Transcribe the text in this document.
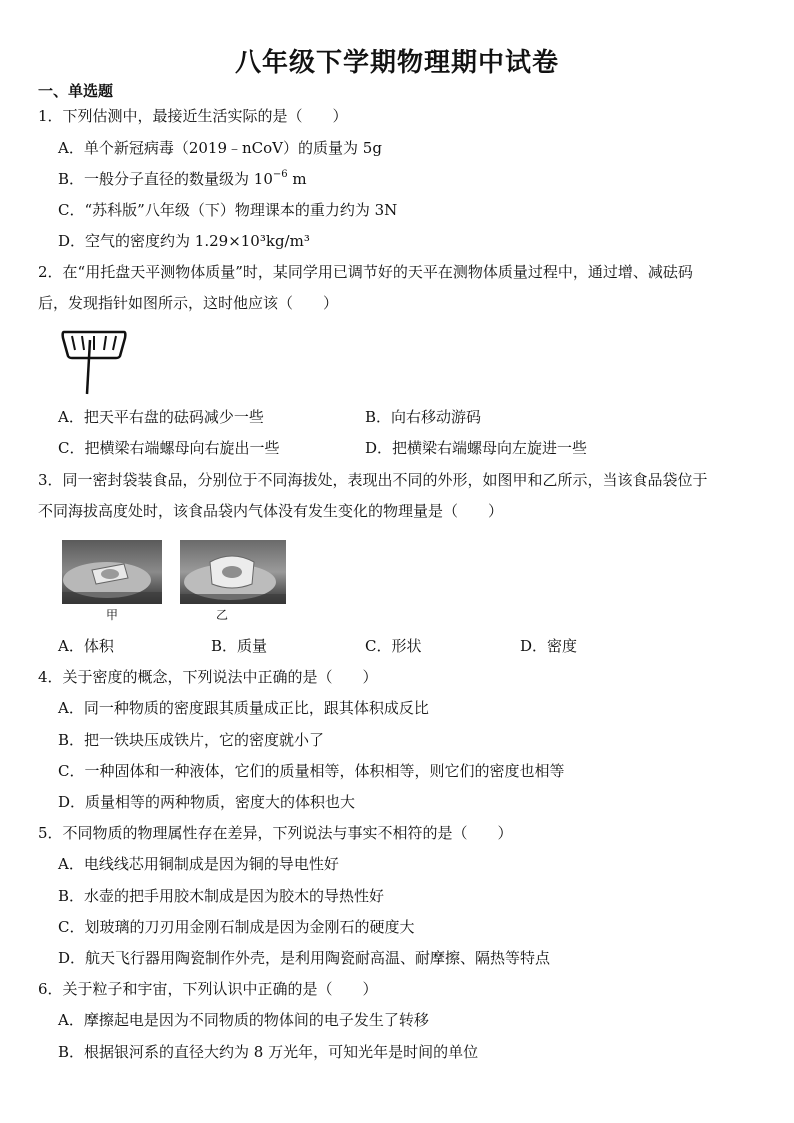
八年级下学期物理期中试卷
一、单选题
1．下列估测中，最接近生活实际的是（　　）
A．单个新冠病毒（2019﹣nCoV）的质量为 5g
B．一般分子直径的数量级为 $10^{-6}$ m
C．“苏科版”八年级（下）物理课本的重力约为 3N
D．空气的密度约为 1.29×10³kg/m³
2．在“用托盘天平测物体质量”时，某同学用已调节好的天平在测物体质量过程中，通过增、减砝码
后，发现指针如图所示，这时他应该（　　）
A．把天平右盘的砝码减少一些	B．向右移动游码
C．把横梁右端螺母向右旋出一些	D．把横梁右端螺母向左旋进一些
3．同一密封袋装食品，分别位于不同海拔处，表现出不同的外形，如图甲和乙所示，当该食品袋位于
不同海拔高度处时，该食品袋内气体没有发生变化的物理量是（　　）
甲	乙
A．体积	B．质量	C．形状	D．密度
4．关于密度的概念，下列说法中正确的是（　　）
A．同一种物质的密度跟其质量成正比，跟其体积成反比
B．把一铁块压成铁片，它的密度就小了
C．一种固体和一种液体，它们的质量相等，体积相等，则它们的密度也相等
D．质量相等的两种物质，密度大的体积也大
5．不同物质的物理属性存在差异，下列说法与事实不相符的是（　　）
A．电线线芯用铜制成是因为铜的导电性好
B．水壶的把手用胶木制成是因为胶木的导热性好
C．划玻璃的刀刃用金刚石制成是因为金刚石的硬度大
D．航天飞行器用陶瓷制作外壳，是利用陶瓷耐高温、耐摩擦、隔热等特点
6．关于粒子和宇宙，下列认识中正确的是（　　）
A．摩擦起电是因为不同物质的物体间的电子发生了转移
B．根据银河系的直径大约为 8 万光年，可知光年是时间的单位
